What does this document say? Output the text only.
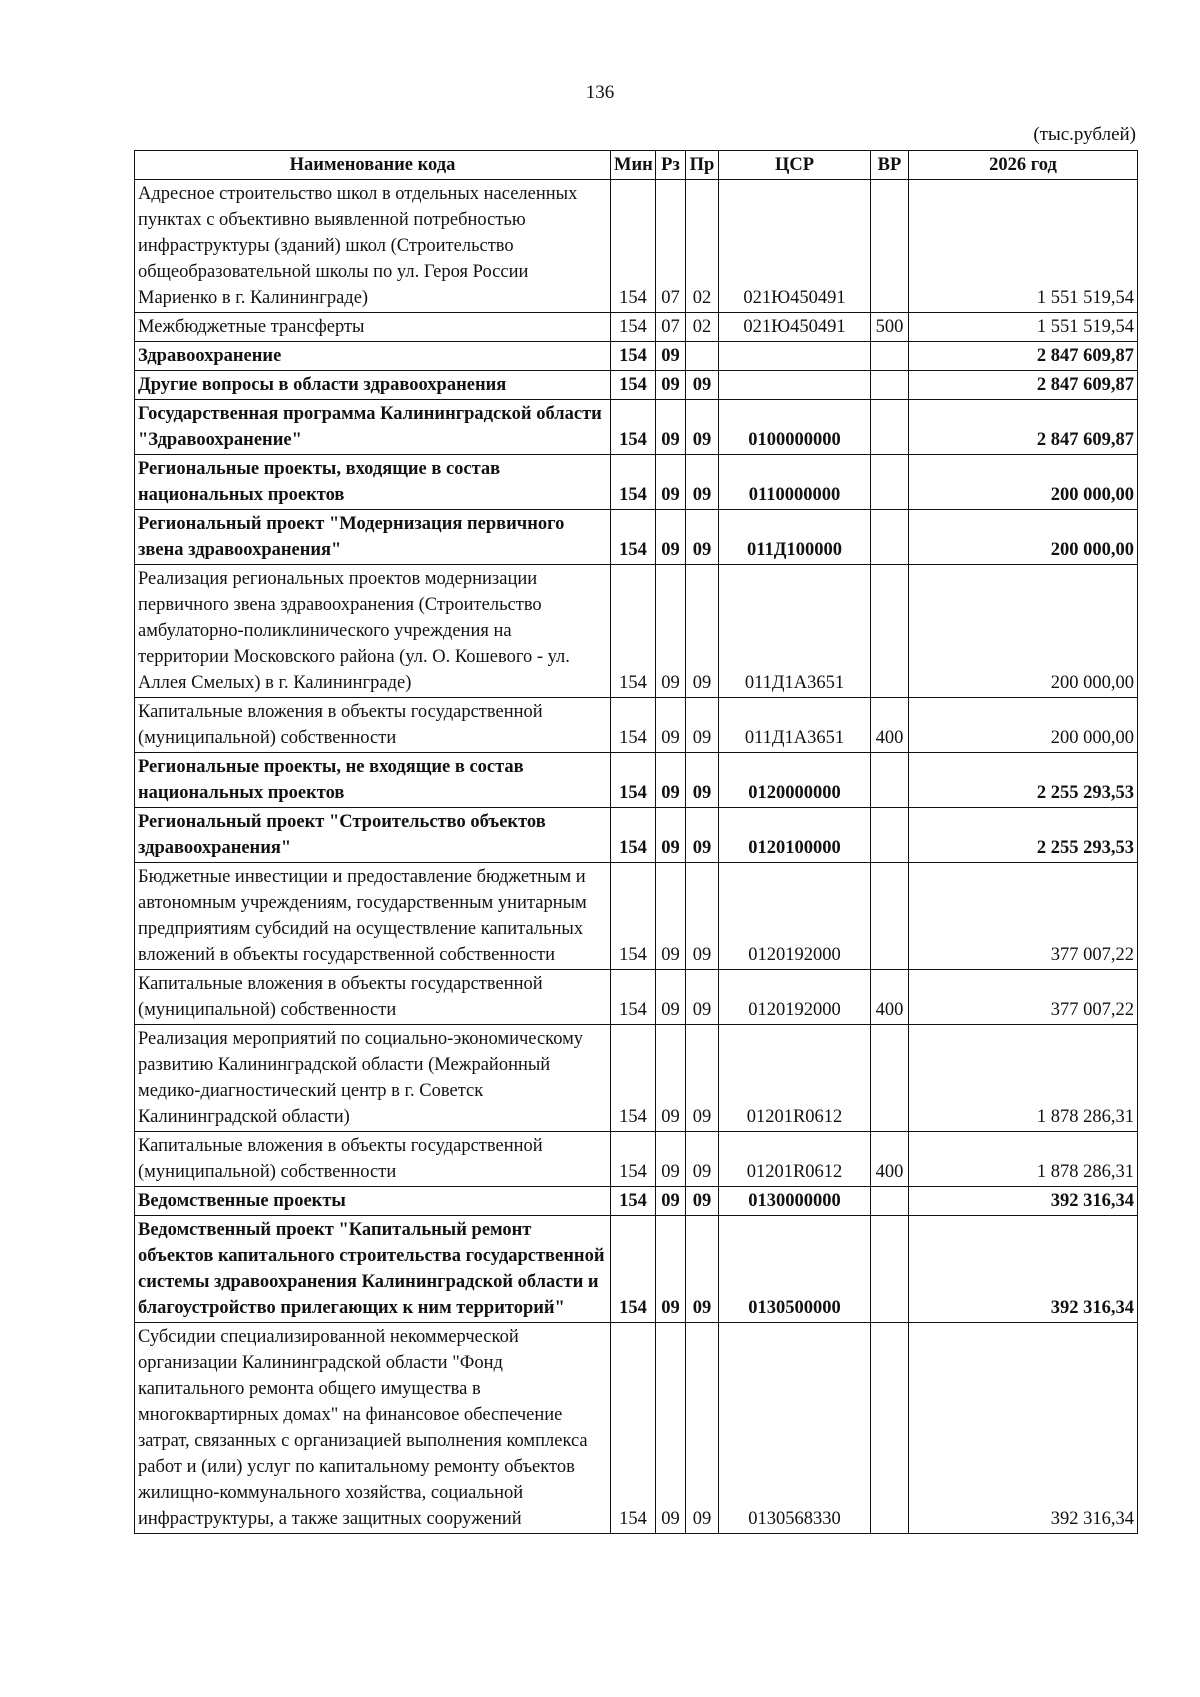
136
(тыс.рублей)
Наименование кода	Мин	Рз	Пр	ЦСР	ВР	2026 год
Адресное строительство школ в отдельных населенных пунктах с объективно выявленной потребностью инфраструктуры (зданий) школ (Строительство общеобразовательной школы по ул. Героя России Мариенко в г. Калининграде)	154	07	02	021Ю450491		1 551 519,54
Межбюджетные трансферты	154	07	02	021Ю450491	500	1 551 519,54
Здравоохранение	154	09				2 847 609,87
Другие вопросы в области здравоохранения	154	09	09			2 847 609,87
Государственная программа Калининградской области "Здравоохранение"	154	09	09	0100000000		2 847 609,87
Региональные проекты, входящие в состав национальных проектов	154	09	09	0110000000		200 000,00
Региональный проект "Модернизация первичного звена здравоохранения"	154	09	09	011Д100000		200 000,00
Реализация региональных проектов модернизации первичного звена здравоохранения (Строительство амбулаторно-поликлинического учреждения на территории Московского района (ул. О. Кошевого - ул. Аллея Смелых) в г. Калининграде)	154	09	09	011Д1А3651		200 000,00
Капитальные вложения в объекты государственной (муниципальной) собственности	154	09	09	011Д1А3651	400	200 000,00
Региональные проекты, не входящие в состав национальных проектов	154	09	09	0120000000		2 255 293,53
Региональный проект "Строительство объектов здравоохранения"	154	09	09	0120100000		2 255 293,53
Бюджетные инвестиции и предоставление бюджетным и автономным учреждениям, государственным унитарным предприятиям субсидий на осуществление капитальных вложений в объекты государственной собственности	154	09	09	0120192000		377 007,22
Капитальные вложения в объекты государственной (муниципальной) собственности	154	09	09	0120192000	400	377 007,22
Реализация мероприятий по социально-экономическому развитию Калининградской области (Межрайонный медико-диагностический центр в г. Советск Калининградской области)	154	09	09	01201R0612		1 878 286,31
Капитальные вложения в объекты государственной (муниципальной) собственности	154	09	09	01201R0612	400	1 878 286,31
Ведомственные проекты	154	09	09	0130000000		392 316,34
Ведомственный проект "Капитальный ремонт объектов капитального строительства государственной системы здравоохранения Калининградской области и благоустройство прилегающих к ним территорий"	154	09	09	0130500000		392 316,34
Субсидии специализированной некоммерческой организации Калининградской области "Фонд капитального ремонта общего имущества в многоквартирных домах" на финансовое обеспечение затрат, связанных с организацией выполнения комплекса работ и (или) услуг по капитальному ремонту объектов жилищно-коммунального хозяйства, социальной инфраструктуры, а также защитных сооружений	154	09	09	0130568330		392 316,34
